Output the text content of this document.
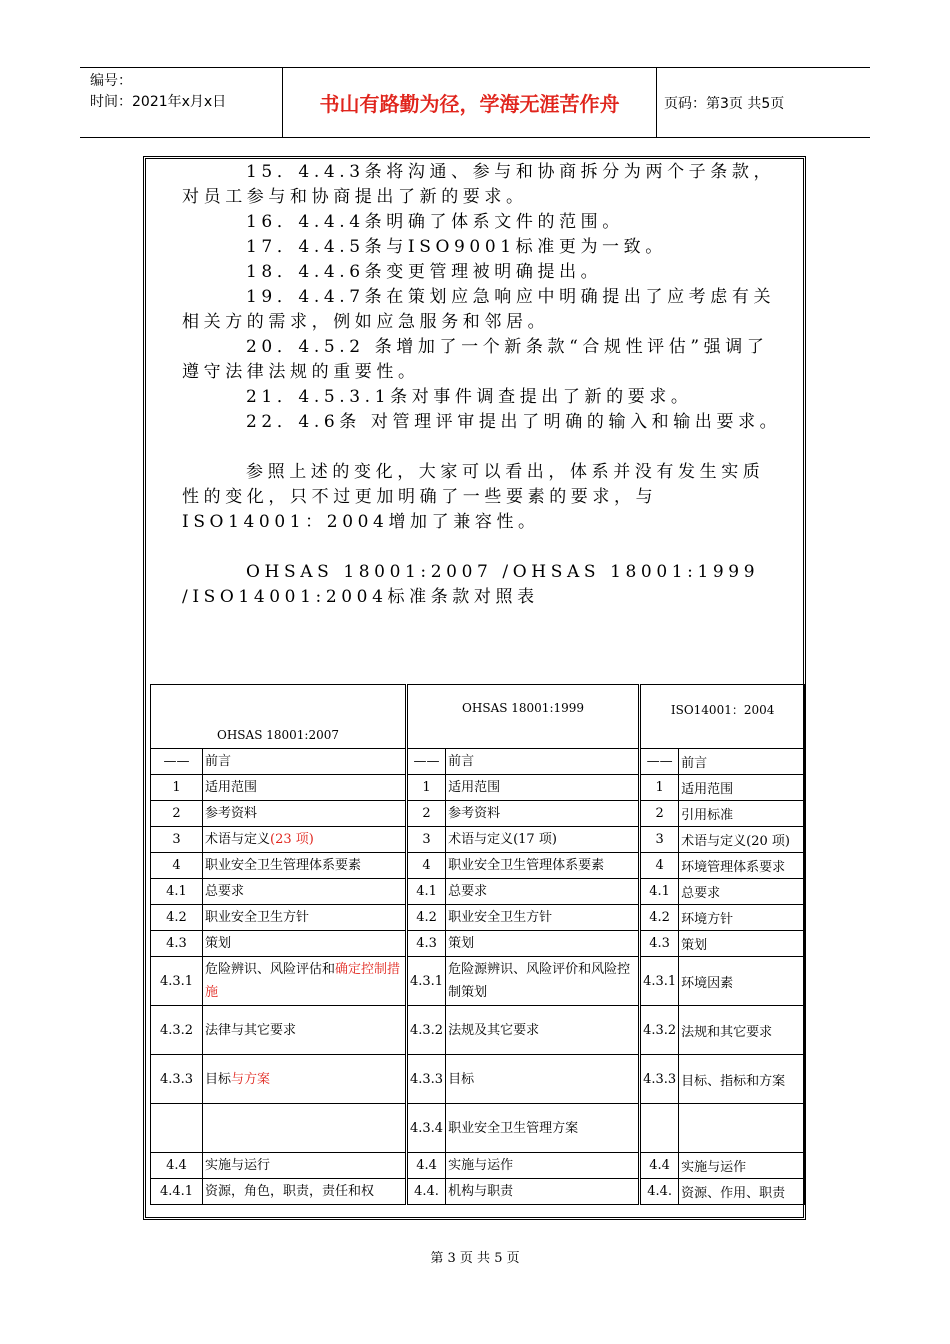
编号：
时间：2021年x月x日	书山有路勤为径，学海无涯苦作舟	页码：第3页 共5页

15．4.4.3条将沟通、参与和协商拆分为两个子条款，对员工参与和协商提出了新的要求。

16．4.4.4条明确了体系文件的范围。

17．4.4.5条与ISO9001标准更为一致。

18．4.4.6条变更管理被明确提出。

19．4.4.7条在策划应急响应中明确提出了应考虑有关相关方的需求，例如应急服务和邻居。

20．4.5.2 条增加了一个新条款“合规性评估”强调了遵守法律法规的重要性。

21．4.5.3.1条对事件调查提出了新的要求。

22．4.6条 对管理评审提出了明确的输入和输出要求。

参照上述的变化，大家可以看出，体系并没有发生实质性的变化，只不过更加明确了一些要素的要求，与ISO14001：2004增加了兼容性。

OHSAS 18001:2007 /OHSAS 18001:1999 /ISO14001:2004标准条款对照表

OHSAS 18001:2007		OHSAS 18001:1999		ISO14001：2004	
——	前言	——	前言	——	前言
1	适用范围	1	适用范围	1	适用范围
2	参考资料	2	参考资料	2	引用标准
3	术语与定义(23 项)	3	术语与定义(17 项)	3	术语与定义(20 项)
4	职业安全卫生管理体系要素	4	职业安全卫生管理体系要素	4	环境管理体系要求
4.1	总要求	4.1	总要求	4.1	总要求
4.2	职业安全卫生方针	4.2	职业安全卫生方针	4.2	环境方针
4.3	策划	4.3	策划	4.3	策划
4.3.1	危险辨识、风险评估和确定控制措施	4.3.1	危险源辨识、风险评价和风险控制策划	4.3.1	环境因素
4.3.2	法律与其它要求	4.3.2	法规及其它要求	4.3.2	法规和其它要求
4.3.3	目标与方案	4.3.3	目标	4.3.3	目标、指标和方案
		4.3.4	职业安全卫生管理方案		
4.4	实施与运行	4.4	实施与运作	4.4	实施与运作
4.4.1	资源，角色，职责，责任和权	4.4.	机构与职责	4.4.	资源、作用、职责
第 3 页 共 5 页
